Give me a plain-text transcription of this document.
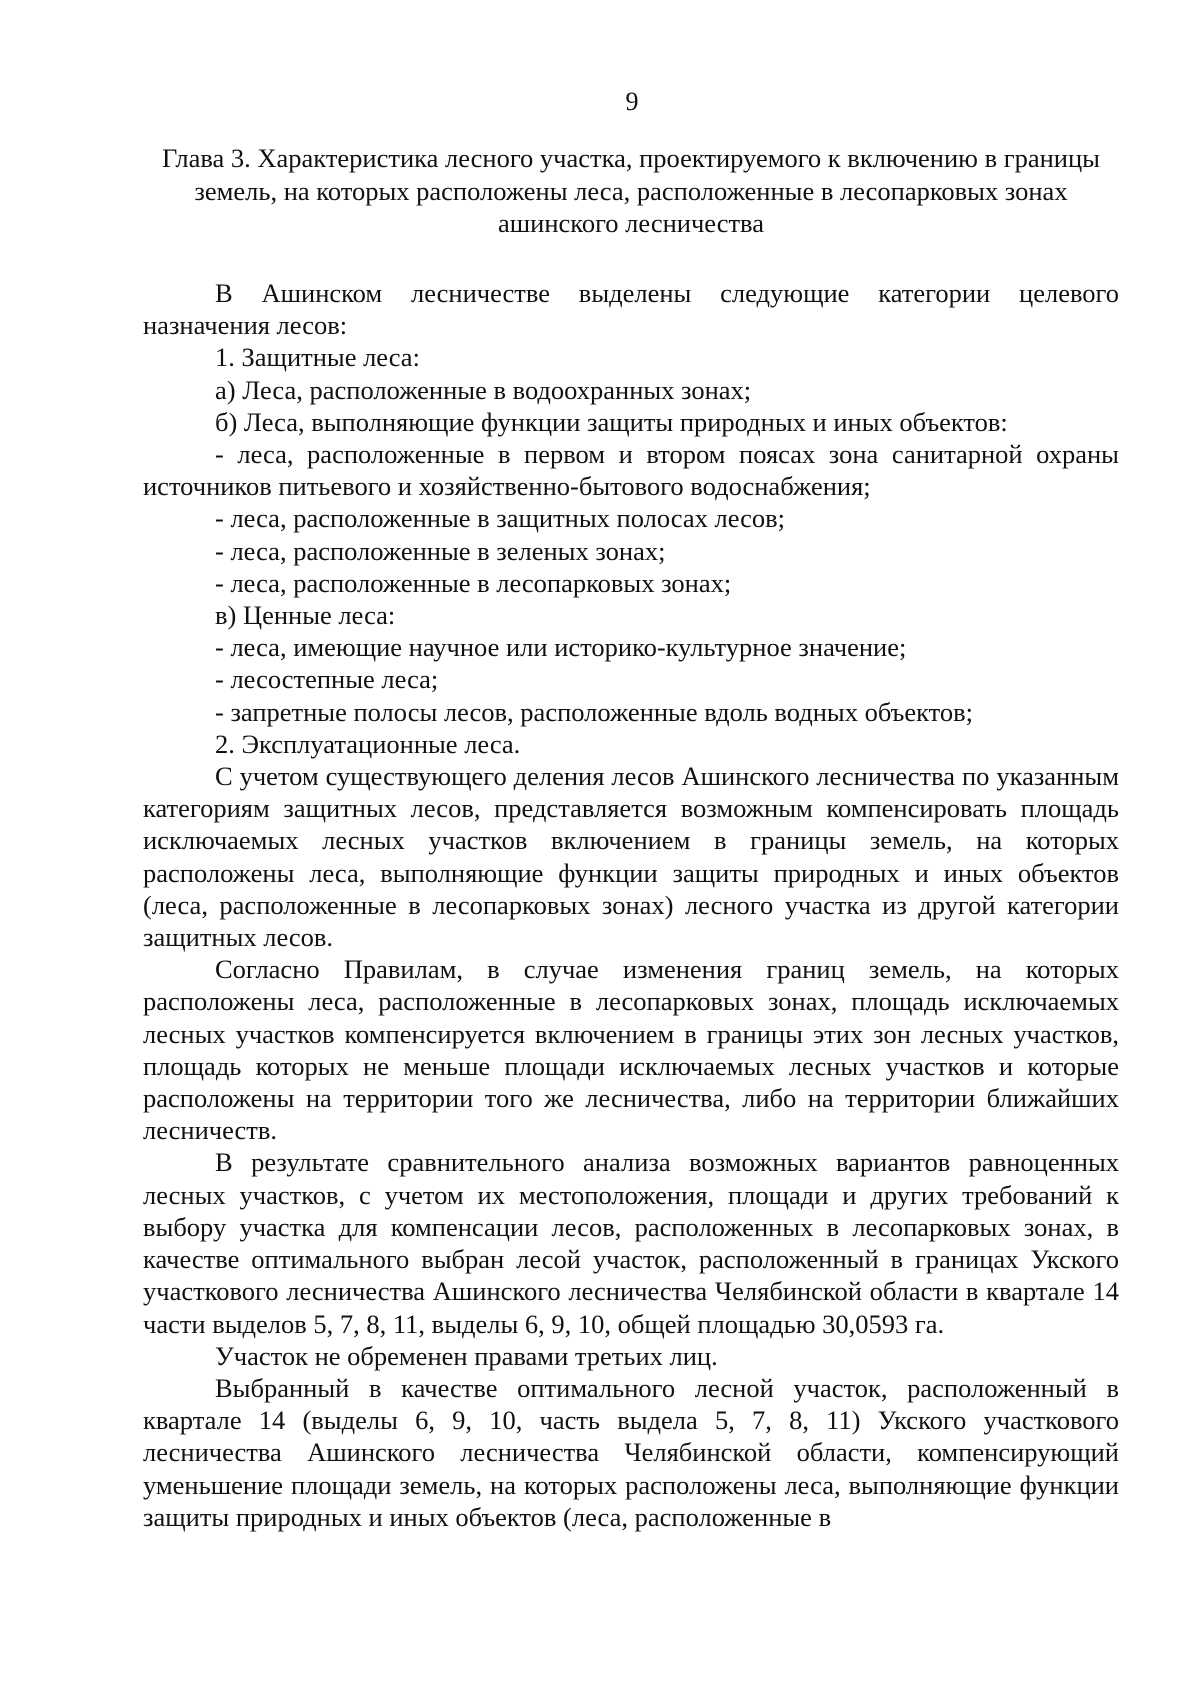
9
Глава 3. Характеристика лесного участка, проектируемого к включению в границы земель, на которых расположены леса, расположенные в лесопарковых зонах ашинского лесничества

В Ашинском лесничестве выделены следующие категории целевого назначения лесов:

1. Защитные леса:

а) Леса, расположенные в водоохранных зонах;

б) Леса, выполняющие функции защиты природных и иных объектов:

- леса, расположенные в первом и втором поясах зона санитарной охраны источников питьевого и хозяйственно-бытового водоснабжения;

- леса, расположенные в защитных полосах лесов;

- леса, расположенные в зеленых зонах;

- леса, расположенные в лесопарковых зонах;

в) Ценные леса:

- леса, имеющие научное или историко-культурное значение;

- лесостепные леса;

- запретные полосы лесов, расположенные вдоль водных объектов;

2. Эксплуатационные леса.

С учетом существующего деления лесов Ашинского лесничества по указанным категориям защитных лесов, представляется возможным компенсировать площадь исключаемых лесных участков включением в границы земель, на которых расположены леса, выполняющие функции защиты природных и иных объектов (леса, расположенные в лесопарковых зонах) лесного участка из другой категории защитных лесов.

Согласно Правилам, в случае изменения границ земель, на которых расположены леса, расположенные в лесопарковых зонах, площадь исключаемых лесных участков компенсируется включением в границы этих зон лесных участков, площадь которых не меньше площади исключаемых лесных участков и которые расположены на территории того же лесничества, либо на территории ближайших лесничеств.

В результате сравнительного анализа возможных вариантов равноценных лесных участков, с учетом их местоположения, площади и других требований к выбору участка для компенсации лесов, расположенных в лесопарковых зонах, в качестве оптимального выбран лесой участок, расположенный в границах Укского участкового лесничества Ашинского лесничества Челябинской области в квартале 14 части выделов 5, 7, 8, 11, выделы 6, 9, 10, общей площадью 30,0593 га.

Участок не обременен правами третьих лиц.

Выбранный в качестве оптимального лесной участок, расположенный в квартале 14 (выделы 6, 9, 10, часть выдела 5, 7, 8, 11) Укского участкового лесничества Ашинского лесничества Челябинской области, компенсирующий уменьшение площади земель, на которых расположены леса, выполняющие функции защиты природных и иных объектов (леса, расположенные в
